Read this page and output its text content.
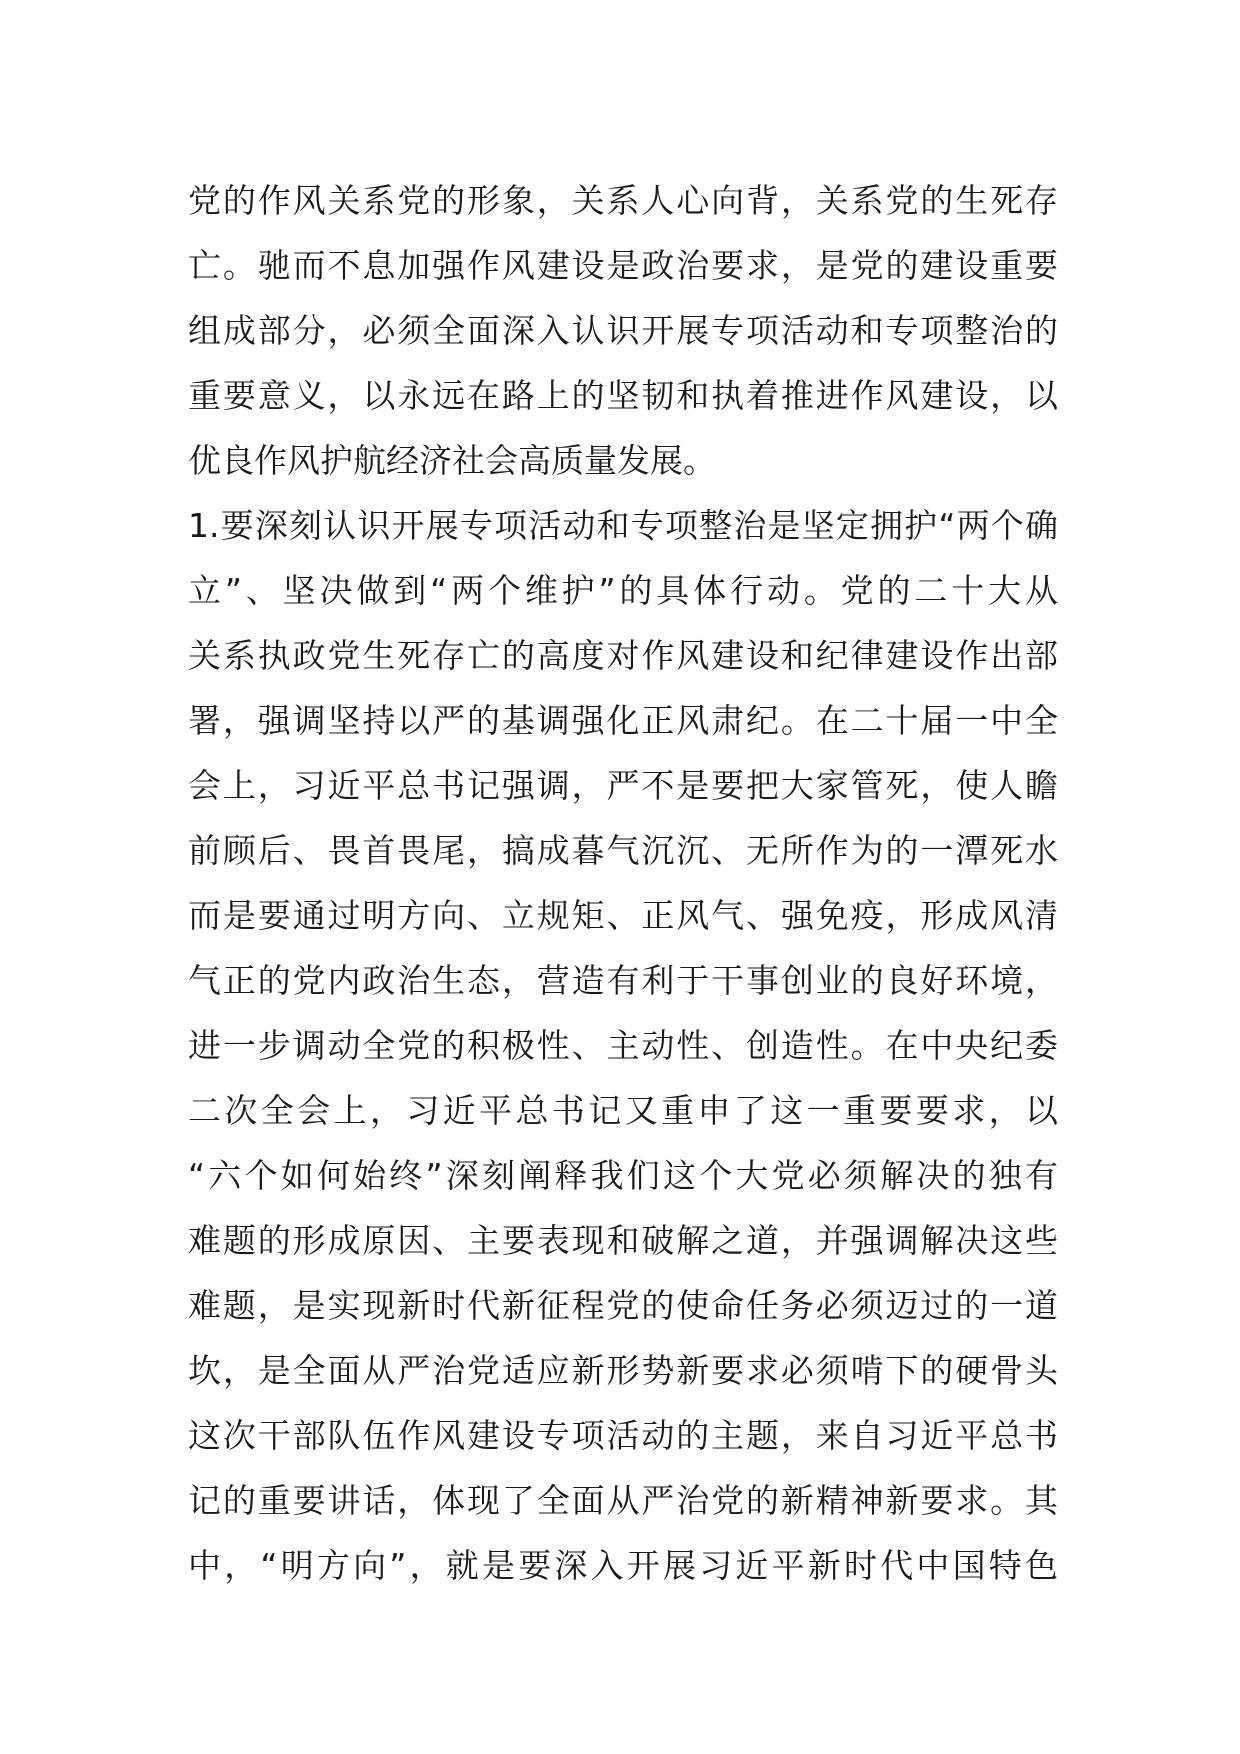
党的作风关系党的形象，关系人心向背，关系党的生死存
亡。驰而不息加强作风建设是政治要求，是党的建设重要
组成部分，必须全面深入认识开展专项活动和专项整治的
重要意义，以永远在路上的坚韧和执着推进作风建设，以
优良作风护航经济社会高质量发展。
1.要深刻认识开展专项活动和专项整治是坚定拥护“两个确
立”、坚决做到“两个维护”的具体行动。党的二十大从
关系执政党生死存亡的高度对作风建设和纪律建设作出部
署，强调坚持以严的基调强化正风肃纪。在二十届一中全
会上，习近平总书记强调，严不是要把大家管死，使人瞻
前顾后、畏首畏尾，搞成暮气沉沉、无所作为的一潭死水
而是要通过明方向、立规矩、正风气、强免疫，形成风清
气正的党内政治生态，营造有利于干事创业的良好环境，
进一步调动全党的积极性、主动性、创造性。在中央纪委
二次全会上，习近平总书记又重申了这一重要要求，以
“六个如何始终”深刻阐释我们这个大党必须解决的独有
难题的形成原因、主要表现和破解之道，并强调解决这些
难题，是实现新时代新征程党的使命任务必须迈过的一道
坎，是全面从严治党适应新形势新要求必须啃下的硬骨头
这次干部队伍作风建设专项活动的主题，来自习近平总书
记的重要讲话，体现了全面从严治党的新精神新要求。其
中，“明方向”，就是要深入开展习近平新时代中国特色
